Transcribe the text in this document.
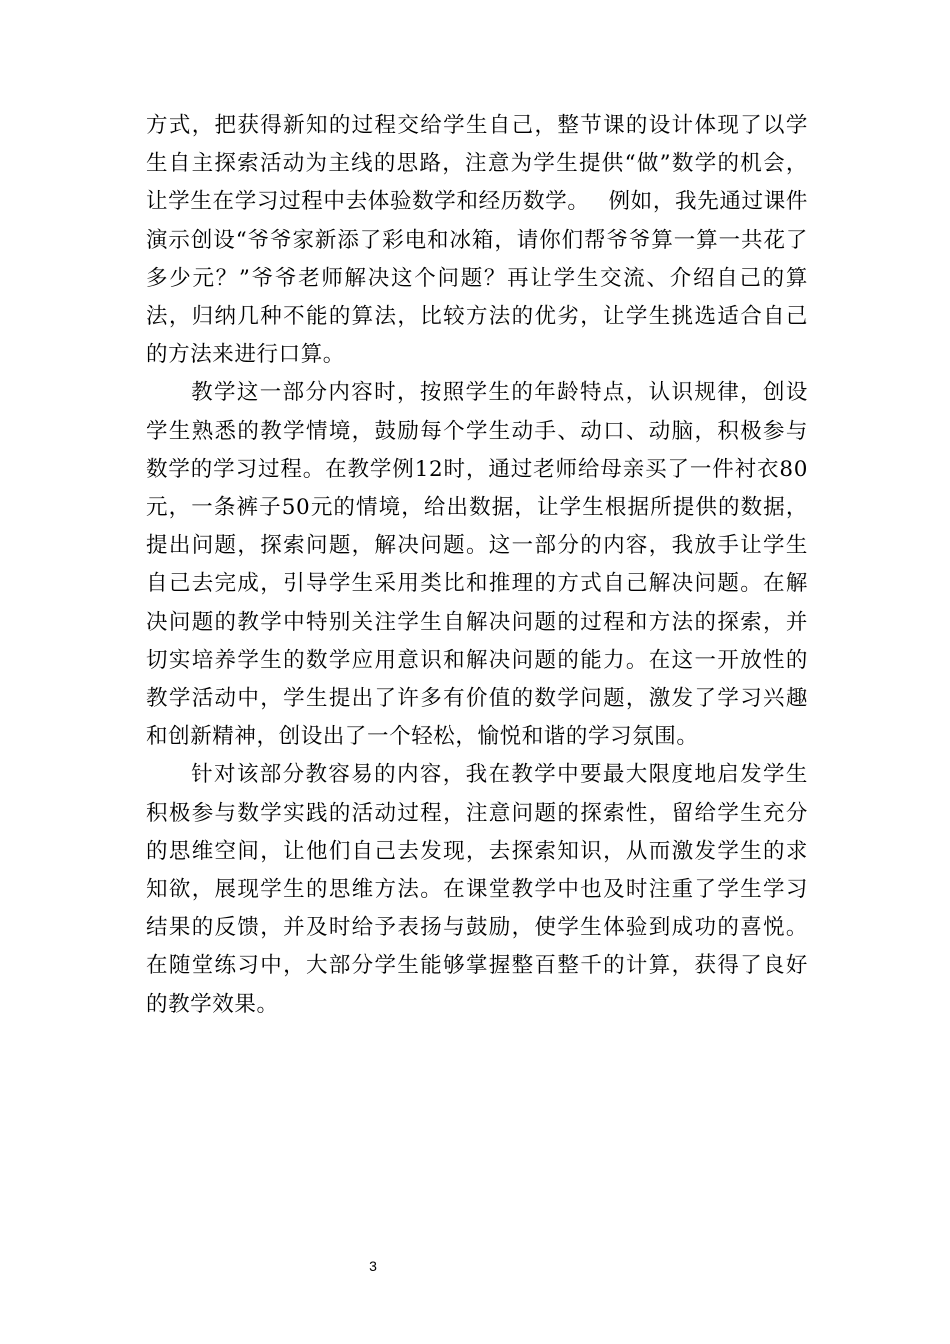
方式，把获得新知的过程交给学生自己，整节课的设计体现了以学生自主探索活动为主线的思路，注意为学生提供“做”数学的机会，让学生在学习过程中去体验数学和经历数学。　 例如，我先通过课件演示创设“爷爷家新添了彩电和冰箱，请你们帮爷爷算一算一共花了多少元？”爷爷老师解决这个问题？再让学生交流、介绍自己的算法，归纳几种不能的算法，比较方法的优劣，让学生挑选适合自己的方法来进行口算。

教学这一部分内容时，按照学生的年龄特点，认识规律，创设学生熟悉的教学情境，鼓励每个学生动手、动口、动脑，积极参与数学的学习过程。在教学例12时，通过老师给母亲买了一件衬衣80元，一条裤子50元的情境，给出数据，让学生根据所提供的数据，提出问题，探索问题，解决问题。这一部分的内容，我放手让学生自己去完成，引导学生采用类比和推理的方式自己解决问题。在解决问题的教学中特别关注学生自解决问题的过程和方法的探索，并切实培养学生的数学应用意识和解决问题的能力。在这一开放性的教学活动中，学生提出了许多有价值的数学问题，激发了学习兴趣和创新精神，创设出了一个轻松，愉悦和谐的学习氛围。

针对该部分教容易的内容，我在教学中要最大限度地启发学生积极参与数学实践的活动过程，注意问题的探索性，留给学生充分的思维空间，让他们自己去发现，去探索知识，从而激发学生的求知欲，展现学生的思维方法。在课堂教学中也及时注重了学生学习结果的反馈，并及时给予表扬与鼓励，使学生体验到成功的喜悦。在随堂练习中，大部分学生能够掌握整百整千的计算，获得了良好的教学效果。

3
